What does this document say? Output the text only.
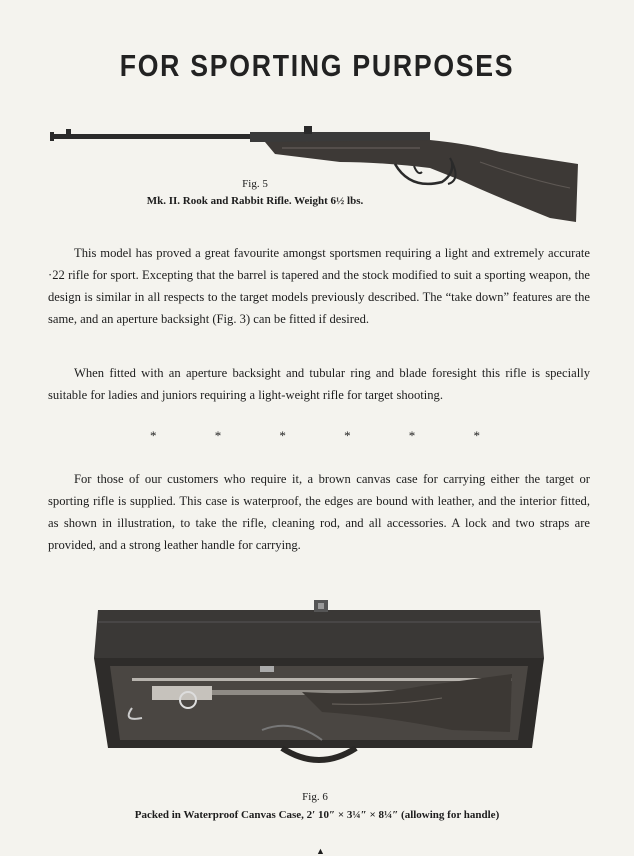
FOR SPORTING PURPOSES
Fig. 5
Mk. II. Rook and Rabbit Rifle. Weight 6½ lbs.

This model has proved a great favourite amongst sportsmen requiring a light and extremely accurate ·22 rifle for sport. Excepting that the barrel is tapered and the stock modified to suit a sporting weapon, the design is similar in all respects to the target models previously described. The “take down” features are the same, and an aperture backsight (Fig. 3) can be fitted if desired.

When fitted with an aperture backsight and tubular ring and blade foresight this rifle is specially suitable for ladies and juniors requiring a light-weight rifle for target shooting.

*	*	*	*	*	*

For those of our customers who require it, a brown canvas case for carrying either the target or sporting rifle is supplied. This case is waterproof, the edges are bound with leather, and the interior fitted, as shown in illustration, to take the rifle, cleaning rod, and all accessories. A lock and two straps are provided, and a strong leather handle for carrying.

Fig. 6
Packed in Waterproof Canvas Case, 2′ 10″ × 3¼″ × 8¼″ (allowing for handle)
▲
